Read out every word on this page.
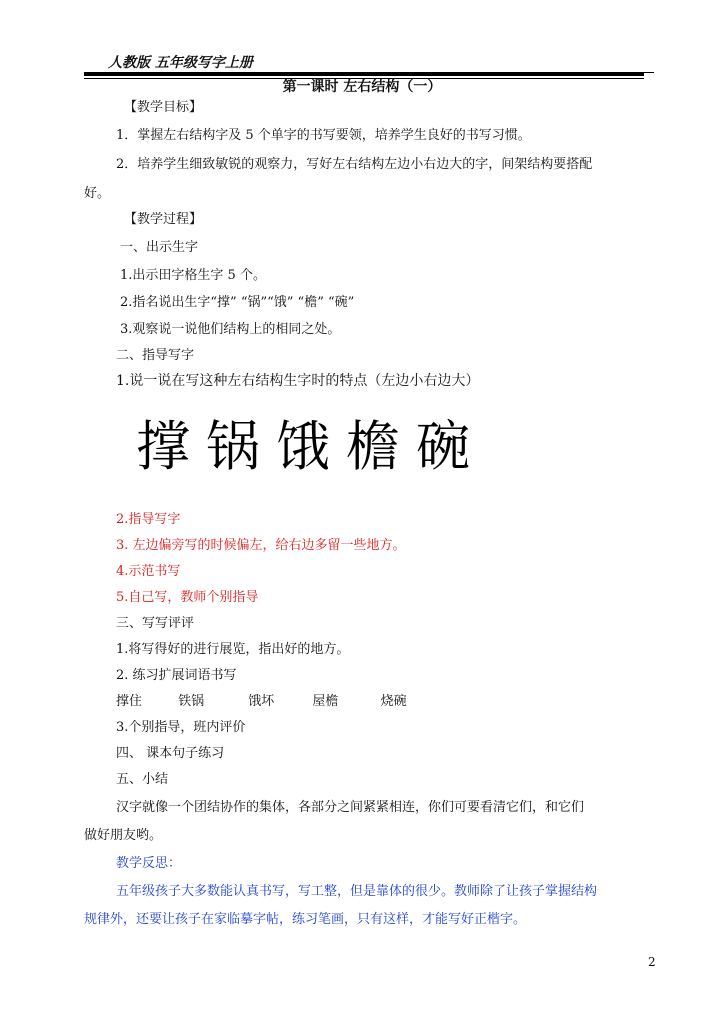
人教版 五年级写字上册
第一课时 左右结构（一）
【教学目标】
1．掌握左右结构字及 5 个单字的书写要领，培养学生良好的书写习惯。
2．培养学生细致敏锐的观察力，写好左右结构左边小右边大的字，间架结构要搭配
好。
【教学过程】
一、出示生字
1.出示田字格生字 5 个。
2.指名说出生字“撑” “锅”“饿” “檐” “碗”
3.观察说一说他们结构上的相同之处。
二、指导写字
1.说一说在写这种左右结构生字时的特点（左边小右边大）
撑锅饿檐碗
2.指导写字
3. 左边偏旁写的时候偏左，给右边多留一些地方。
4.示范书写
5.自己写，教师个别指导
三、写写评评
1.将写得好的进行展览，指出好的地方。
2. 练习扩展词语书写
撑住	铁锅	饿坏	屋檐	烧碗
3.个别指导，班内评价
四、 课本句子练习
五、小结
汉字就像一个团结协作的集体，各部分之间紧紧相连，你们可要看清它们，和它们
做好朋友哟。
教学反思：
五年级孩子大多数能认真书写，写工整，但是靠体的很少。教师除了让孩子掌握结构
规律外，还要让孩子在家临摹字帖，练习笔画，只有这样，才能写好正楷字。
2
